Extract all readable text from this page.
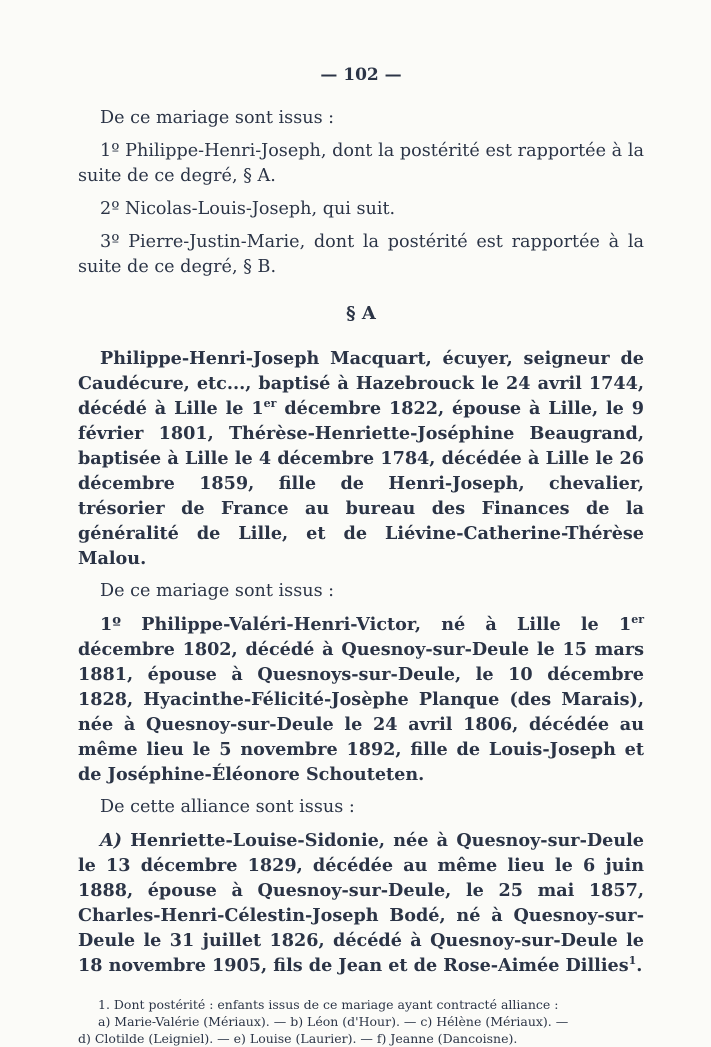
— 102 —

De ce mariage sont issus :

1º Philippe-Henri-Joseph, dont la postérité est rapportée à la suite de ce degré, § A.

2º Nicolas-Louis-Joseph, qui suit.

3º Pierre-Justin-Marie, dont la postérité est rapportée à la suite de ce degré, § B.

§ A

Philippe-Henri-Joseph Macquart, écuyer, seigneur de Caudécure, etc..., baptisé à Hazebrouck le 24 avril 1744, décédé à Lille le 1er décembre 1822, épouse à Lille, le 9 février 1801, Thérèse-Henriette-Joséphine Beaugrand, baptisée à Lille le 4 décembre 1784, décédée à Lille le 26 décembre 1859, fille de Henri-Joseph, chevalier, trésorier de France au bureau des Finances de la généralité de Lille, et de Liévine-Catherine-Thérèse Malou.

De ce mariage sont issus :

1º Philippe-Valéri-Henri-Victor, né à Lille le 1er décembre 1802, décédé à Quesnoy-sur-Deule le 15 mars 1881, épouse à Quesnoys-sur-Deule, le 10 décembre 1828, Hyacinthe-Félicité-Josèphe Planque (des Marais), née à Quesnoy-sur-Deule le 24 avril 1806, décédée au même lieu le 5 novembre 1892, fille de Louis-Joseph et de Joséphine-Éléonore Schouteten.

De cette alliance sont issus :

A) Henriette-Louise-Sidonie, née à Quesnoy-sur-Deule le 13 décembre 1829, décédée au même lieu le 6 juin 1888, épouse à Quesnoy-sur-Deule, le 25 mai 1857, Charles-Henri-Célestin-Joseph Bodé, né à Quesnoy-sur-Deule le 31 juillet 1826, décédé à Quesnoy-sur-Deule le 18 novembre 1905, fils de Jean et de Rose-Aimée Dillies$^1$.

1. Dont postérité : enfants issus de ce mariage ayant contracté alliance :

a) Marie-Valérie (Mériaux). — b) Léon (d'Hour). — c) Hélène (Mériaux). —

d) Clotilde (Leigniel). — e) Louise (Laurier). — f) Jeanne (Dancoisne).
